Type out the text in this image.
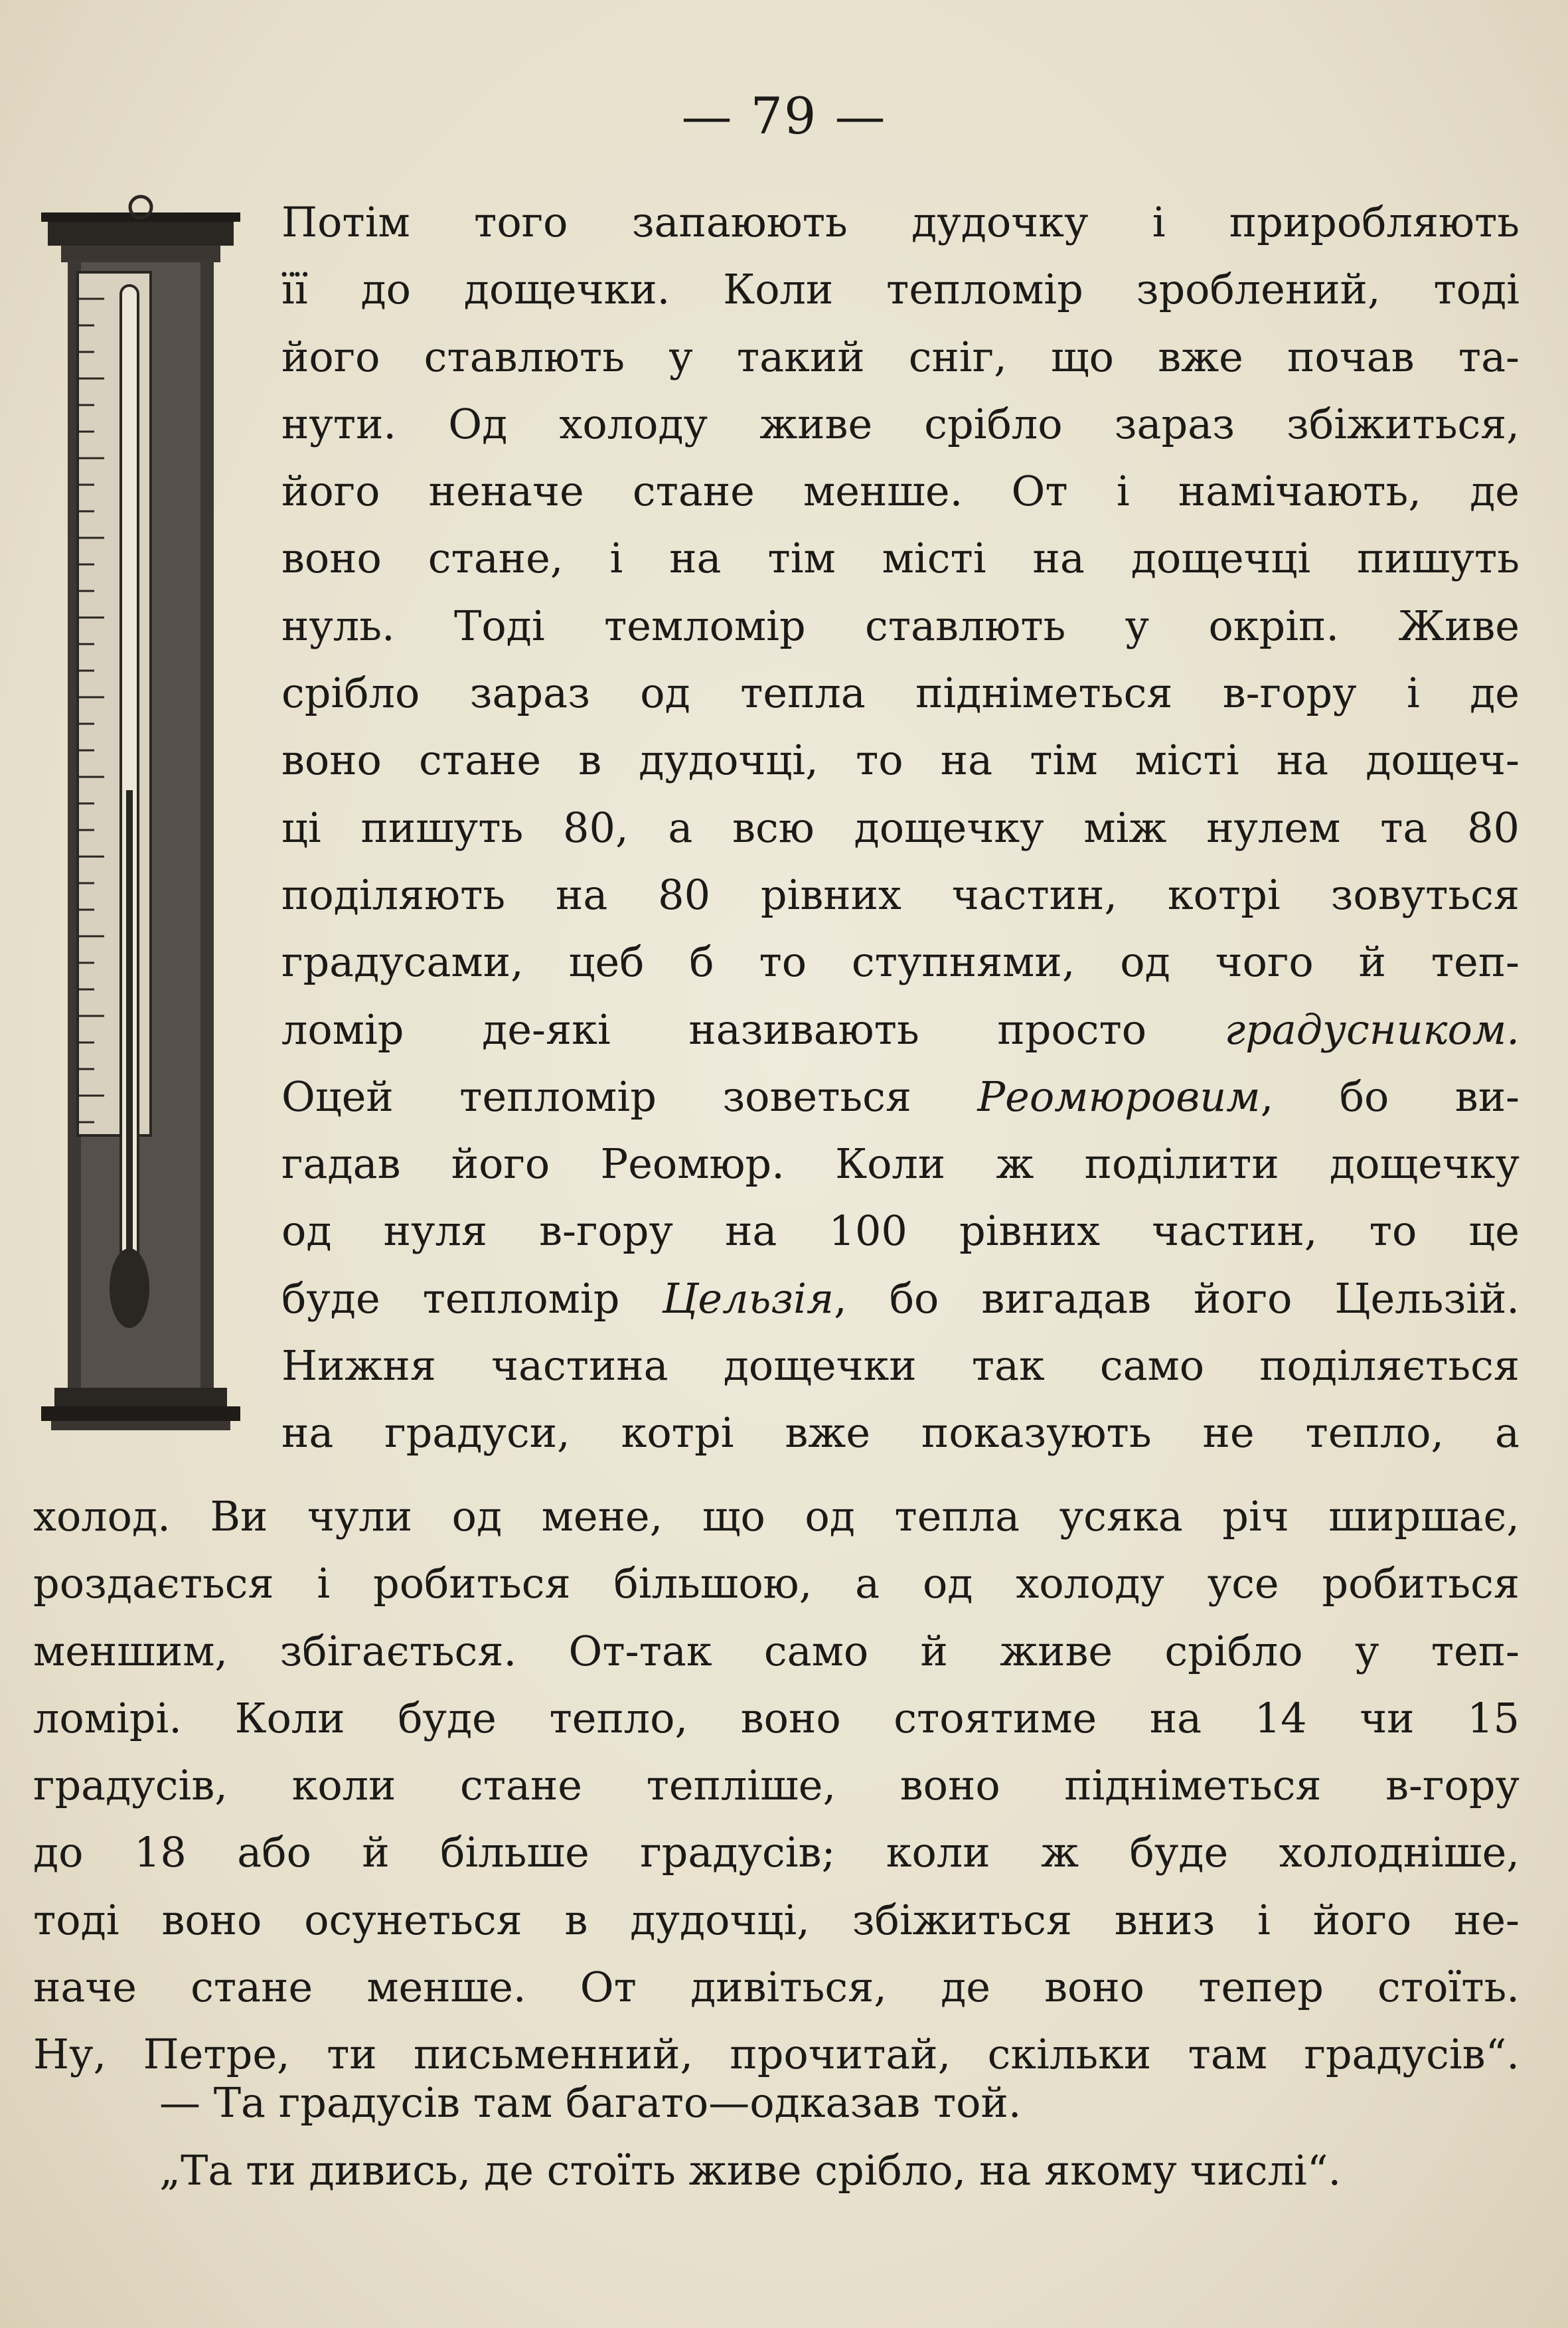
— 79 —
Потім того запаюють дудочку і приробляють
її до дощечки. Коли тепломір зроблений, тоді
його ставлють у такий сніг, що вже почав та-
нути. Од холоду живе срібло зараз збіжиться,
його неначе стане менше. От і намічають, де
воно стане, і на тім місті на дощечці пишуть
нуль. Тоді темломір ставлють у окріп. Живе
срібло зараз од тепла підніметься в-гору і де
воно стане в дудочці, то на тім місті на дощеч-
ці пишуть 80, а всю дощечку між нулем та 80
поділяють на 80 рівних частин, котрі зовуться
градусами, цеб б то ступнями, од чого й теп-
ломір де-які називають просто градусником.
Оцей тепломір зоветься Реомюровим, бо ви-
гадав його Реомюр. Коли ж поділити дощечку
од нуля в-гору на 100 рівних частин, то це
буде тепломір Цельзія, бо вигадав його Цельзій.
Нижня частина дощечки так само поділяється
на градуси, котрі вже показують не тепло, а
холод. Ви чули од мене, що од тепла усяка річ ширшає,
роздається і робиться більшою, а од холоду усе робиться
меншим, збігається. От-так само й живе срібло у теп-
ломірі. Коли буде тепло, воно стоятиме на 14 чи 15
градусів, коли стане тепліше, воно підніметься в-гору
до 18 або й більше градусів; коли ж буде холодніше,
тоді воно осунеться в дудочці, збіжиться вниз і його не-
наче стане менше. От дивіться, де воно тепер стоїть.
Ну, Петре, ти письменний, прочитай, скільки там градусів“.
— Та градусів там багато—одказав той.
„Та ти дивись, де стоїть живе срібло, на якому числі“.
